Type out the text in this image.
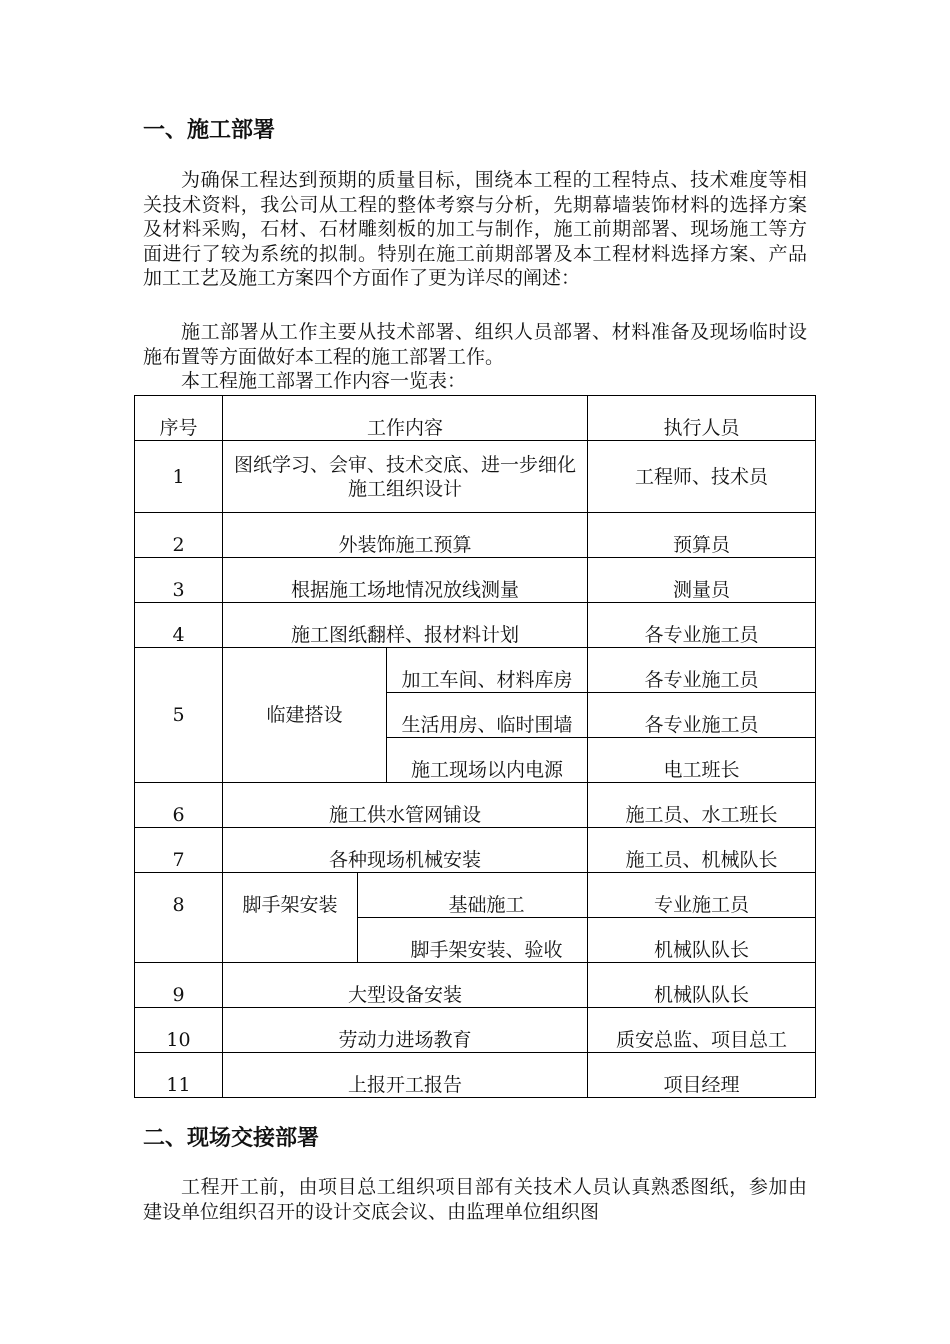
一、施工部署

为确保工程达到预期的质量目标，围绕本工程的工程特点、技术难度等相关技术资料，我公司从工程的整体考察与分析，先期幕墙装饰材料的选择方案及材料采购，石材、石材雕刻板的加工与制作，施工前期部署、现场施工等方面进行了较为系统的拟制。特别在施工前期部署及本工程材料选择方案、产品加工工艺及施工方案四个方面作了更为详尽的阐述：

施工部署从工作主要从技术部署、组织人员部署、材料准备及现场临时设施布置等方面做好本工程的施工部署工作。

本工程施工部署工作内容一览表：

序号	工作内容			执行人员
1	图纸学习、会审、技术交底、进一步细化施工组织设计			工程师、技术员
2	外装饰施工预算			预算员
3	根据施工场地情况放线测量			测量员
4	施工图纸翻样、报材料计划			各专业施工员
5	临建搭设		加工车间、材料库房	各专业施工员
			生活用房、临时围墙	各专业施工员
			施工现场以内电源	电工班长
6	施工供水管网铺设			施工员、水工班长
7	各种现场机械安装			施工员、机械队长
8	脚手架安装	基础施工		专业施工员
		脚手架安装、验收		机械队队长
9	大型设备安装			机械队队长
10	劳动力进场教育			质安总监、项目总工
11	上报开工报告			项目经理
二、现场交接部署

工程开工前，由项目总工组织项目部有关技术人员认真熟悉图纸，参加由建设单位组织召开的设计交底会议、由监理单位组织图
